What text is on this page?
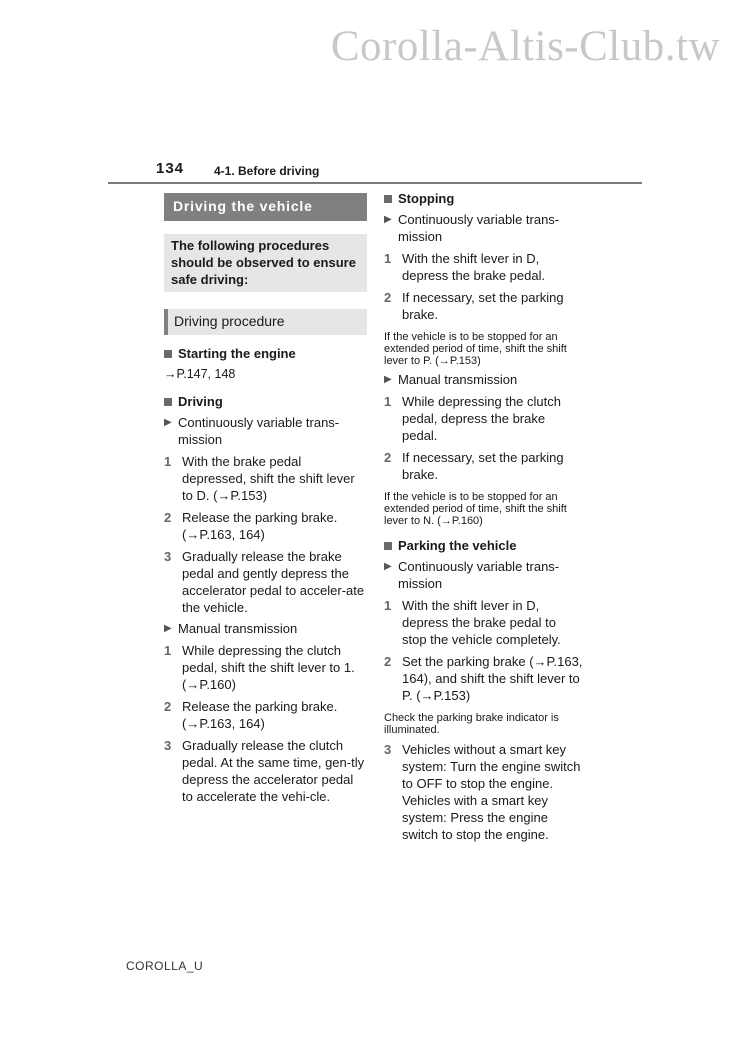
Corolla-Altis-Club.tw
134 4-1. Before driving
Driving the vehicle
The following procedures should be observed to ensure safe driving:
Driving procedure
Starting the engine
→P.147, 148
Driving
▶ Continuously variable trans-mission
1 With the brake pedal depressed, shift the shift lever to D. (→P.153)
2 Release the parking brake. (→P.163, 164)
3 Gradually release the brake pedal and gently depress the accelerator pedal to acceler-ate the vehicle.
▶ Manual transmission
1 While depressing the clutch pedal, shift the shift lever to 1. (→P.160)
2 Release the parking brake. (→P.163, 164)
3 Gradually release the clutch pedal. At the same time, gen-tly depress the accelerator pedal to accelerate the vehi-cle.
Stopping
▶ Continuously variable trans-mission
1 With the shift lever in D, depress the brake pedal.
2 If necessary, set the parking brake.
If the vehicle is to be stopped for an extended period of time, shift the shift lever to P. (→P.153)
▶ Manual transmission
1 While depressing the clutch pedal, depress the brake pedal.
2 If necessary, set the parking brake.
If the vehicle is to be stopped for an extended period of time, shift the shift lever to N. (→P.160)
Parking the vehicle
▶ Continuously variable trans-mission
1 With the shift lever in D, depress the brake pedal to stop the vehicle completely.
2 Set the parking brake (→P.163, 164), and shift the shift lever to P. (→P.153)
Check the parking brake indicator is illuminated.
3 Vehicles without a smart key system: Turn the engine switch to OFF to stop the engine.
Vehicles with a smart key system: Press the engine switch to stop the engine.
COROLLA_U
